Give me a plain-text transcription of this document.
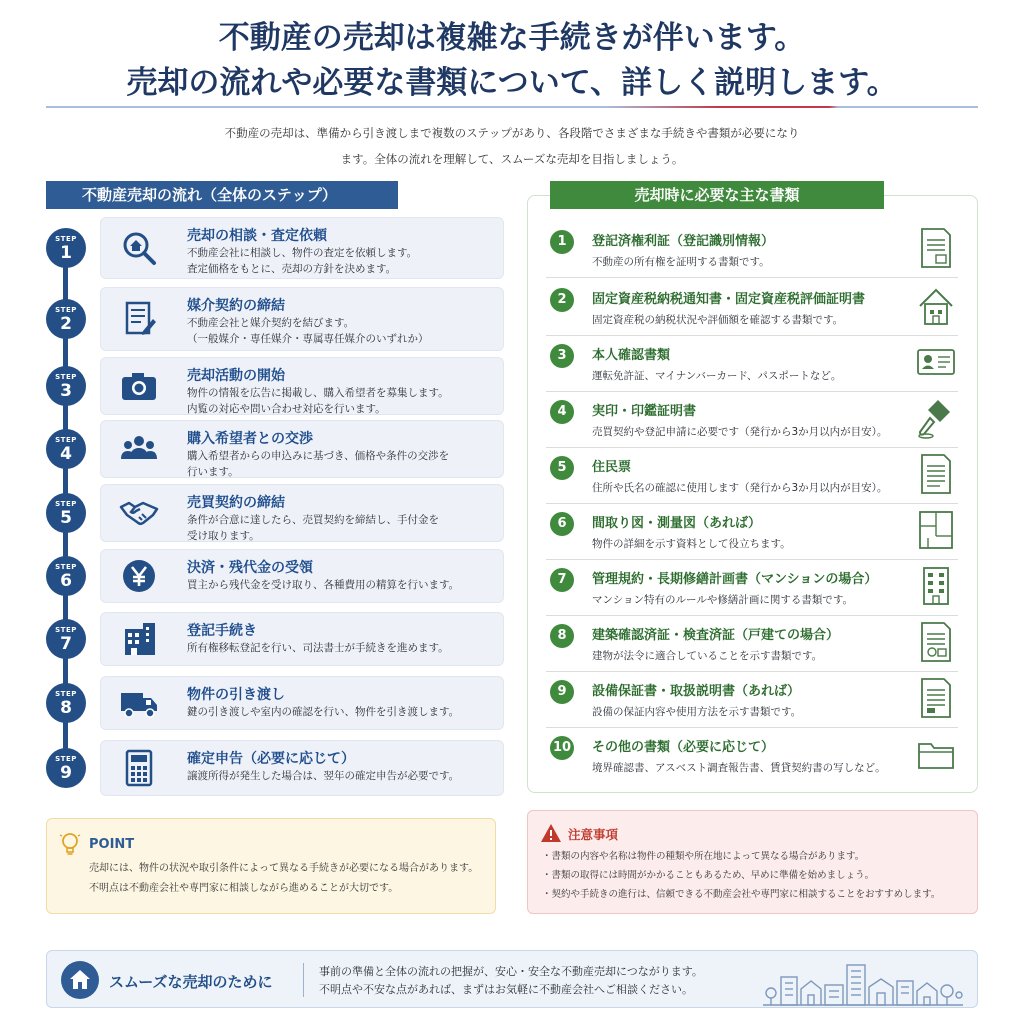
不動産の売却は複雑な手続きが伴います。
売却の流れや必要な書類について、詳しく説明します。
不動産の売却は、準備から引き渡しまで複数のステップがあり、各段階でさまざまな手続きや書類が必要になり
ます。全体の流れを理解して、スムーズな売却を目指しましょう。
不動産売却の流れ（全体のステップ）
STEP
1
売却の相談・査定依頼
不動産会社に相談し、物件の査定を依頼します。
査定価格をもとに、売却の方針を決めます。
STEP
2
媒介契約の締結
不動産会社と媒介契約を結びます。
（一般媒介・専任媒介・専属専任媒介のいずれか）
STEP
3
売却活動の開始
物件の情報を広告に掲載し、購入希望者を募集します。
内覧の対応や問い合わせ対応を行います。
STEP
4
購入希望者との交渉
購入希望者からの申込みに基づき、価格や条件の交渉を
行います。
STEP
5
売買契約の締結
条件が合意に達したら、売買契約を締結し、手付金を
受け取ります。
STEP
6
決済・残代金の受領
買主から残代金を受け取り、各種費用の精算を行います。
STEP
7
登記手続き
所有権移転登記を行い、司法書士が手続きを進めます。
STEP
8
物件の引き渡し
鍵の引き渡しや室内の確認を行い、物件を引き渡します。
STEP
9
確定申告（必要に応じて）
譲渡所得が発生した場合は、翌年の確定申告が必要です。
売却時に必要な主な書類
1	登記済権利証（登記識別情報）
不動産の所有権を証明する書類です。
2	固定資産税納税通知書・固定資産税評価証明書
固定資産税の納税状況や評価額を確認する書類です。
3	本人確認書類
運転免許証、マイナンバーカード、パスポートなど。
4	実印・印鑑証明書
売買契約や登記申請に必要です（発行から3か月以内が目安）。
5	住民票
住所や氏名の確認に使用します（発行から3か月以内が目安）。
6	間取り図・測量図（あれば）
物件の詳細を示す資料として役立ちます。
7	管理規約・長期修繕計画書（マンションの場合）
マンション特有のルールや修繕計画に関する書類です。
8	建築確認済証・検査済証（戸建ての場合）
建物が法令に適合していることを示す書類です。
9	設備保証書・取扱説明書（あれば）
設備の保証内容や使用方法を示す書類です。
10 その他の書類（必要に応じて）
境界確認書、アスベスト調査報告書、賃貸契約書の写しなど。
POINT
売却には、物件の状況や取引条件によって異なる手続きが必要になる場合があります。
不明点は不動産会社や専門家に相談しながら進めることが大切です。
注意事項
・書類の内容や名称は物件の種類や所在地によって異なる場合があります。
・書類の取得には時間がかかることもあるため、早めに準備を始めましょう。
・契約や手続きの進行は、信頼できる不動産会社や専門家に相談することをおすすめします。
スムーズな売却のために
事前の準備と全体の流れの把握が、安心・安全な不動産売却につながります。
不明点や不安な点があれば、まずはお気軽に不動産会社へご相談ください。
